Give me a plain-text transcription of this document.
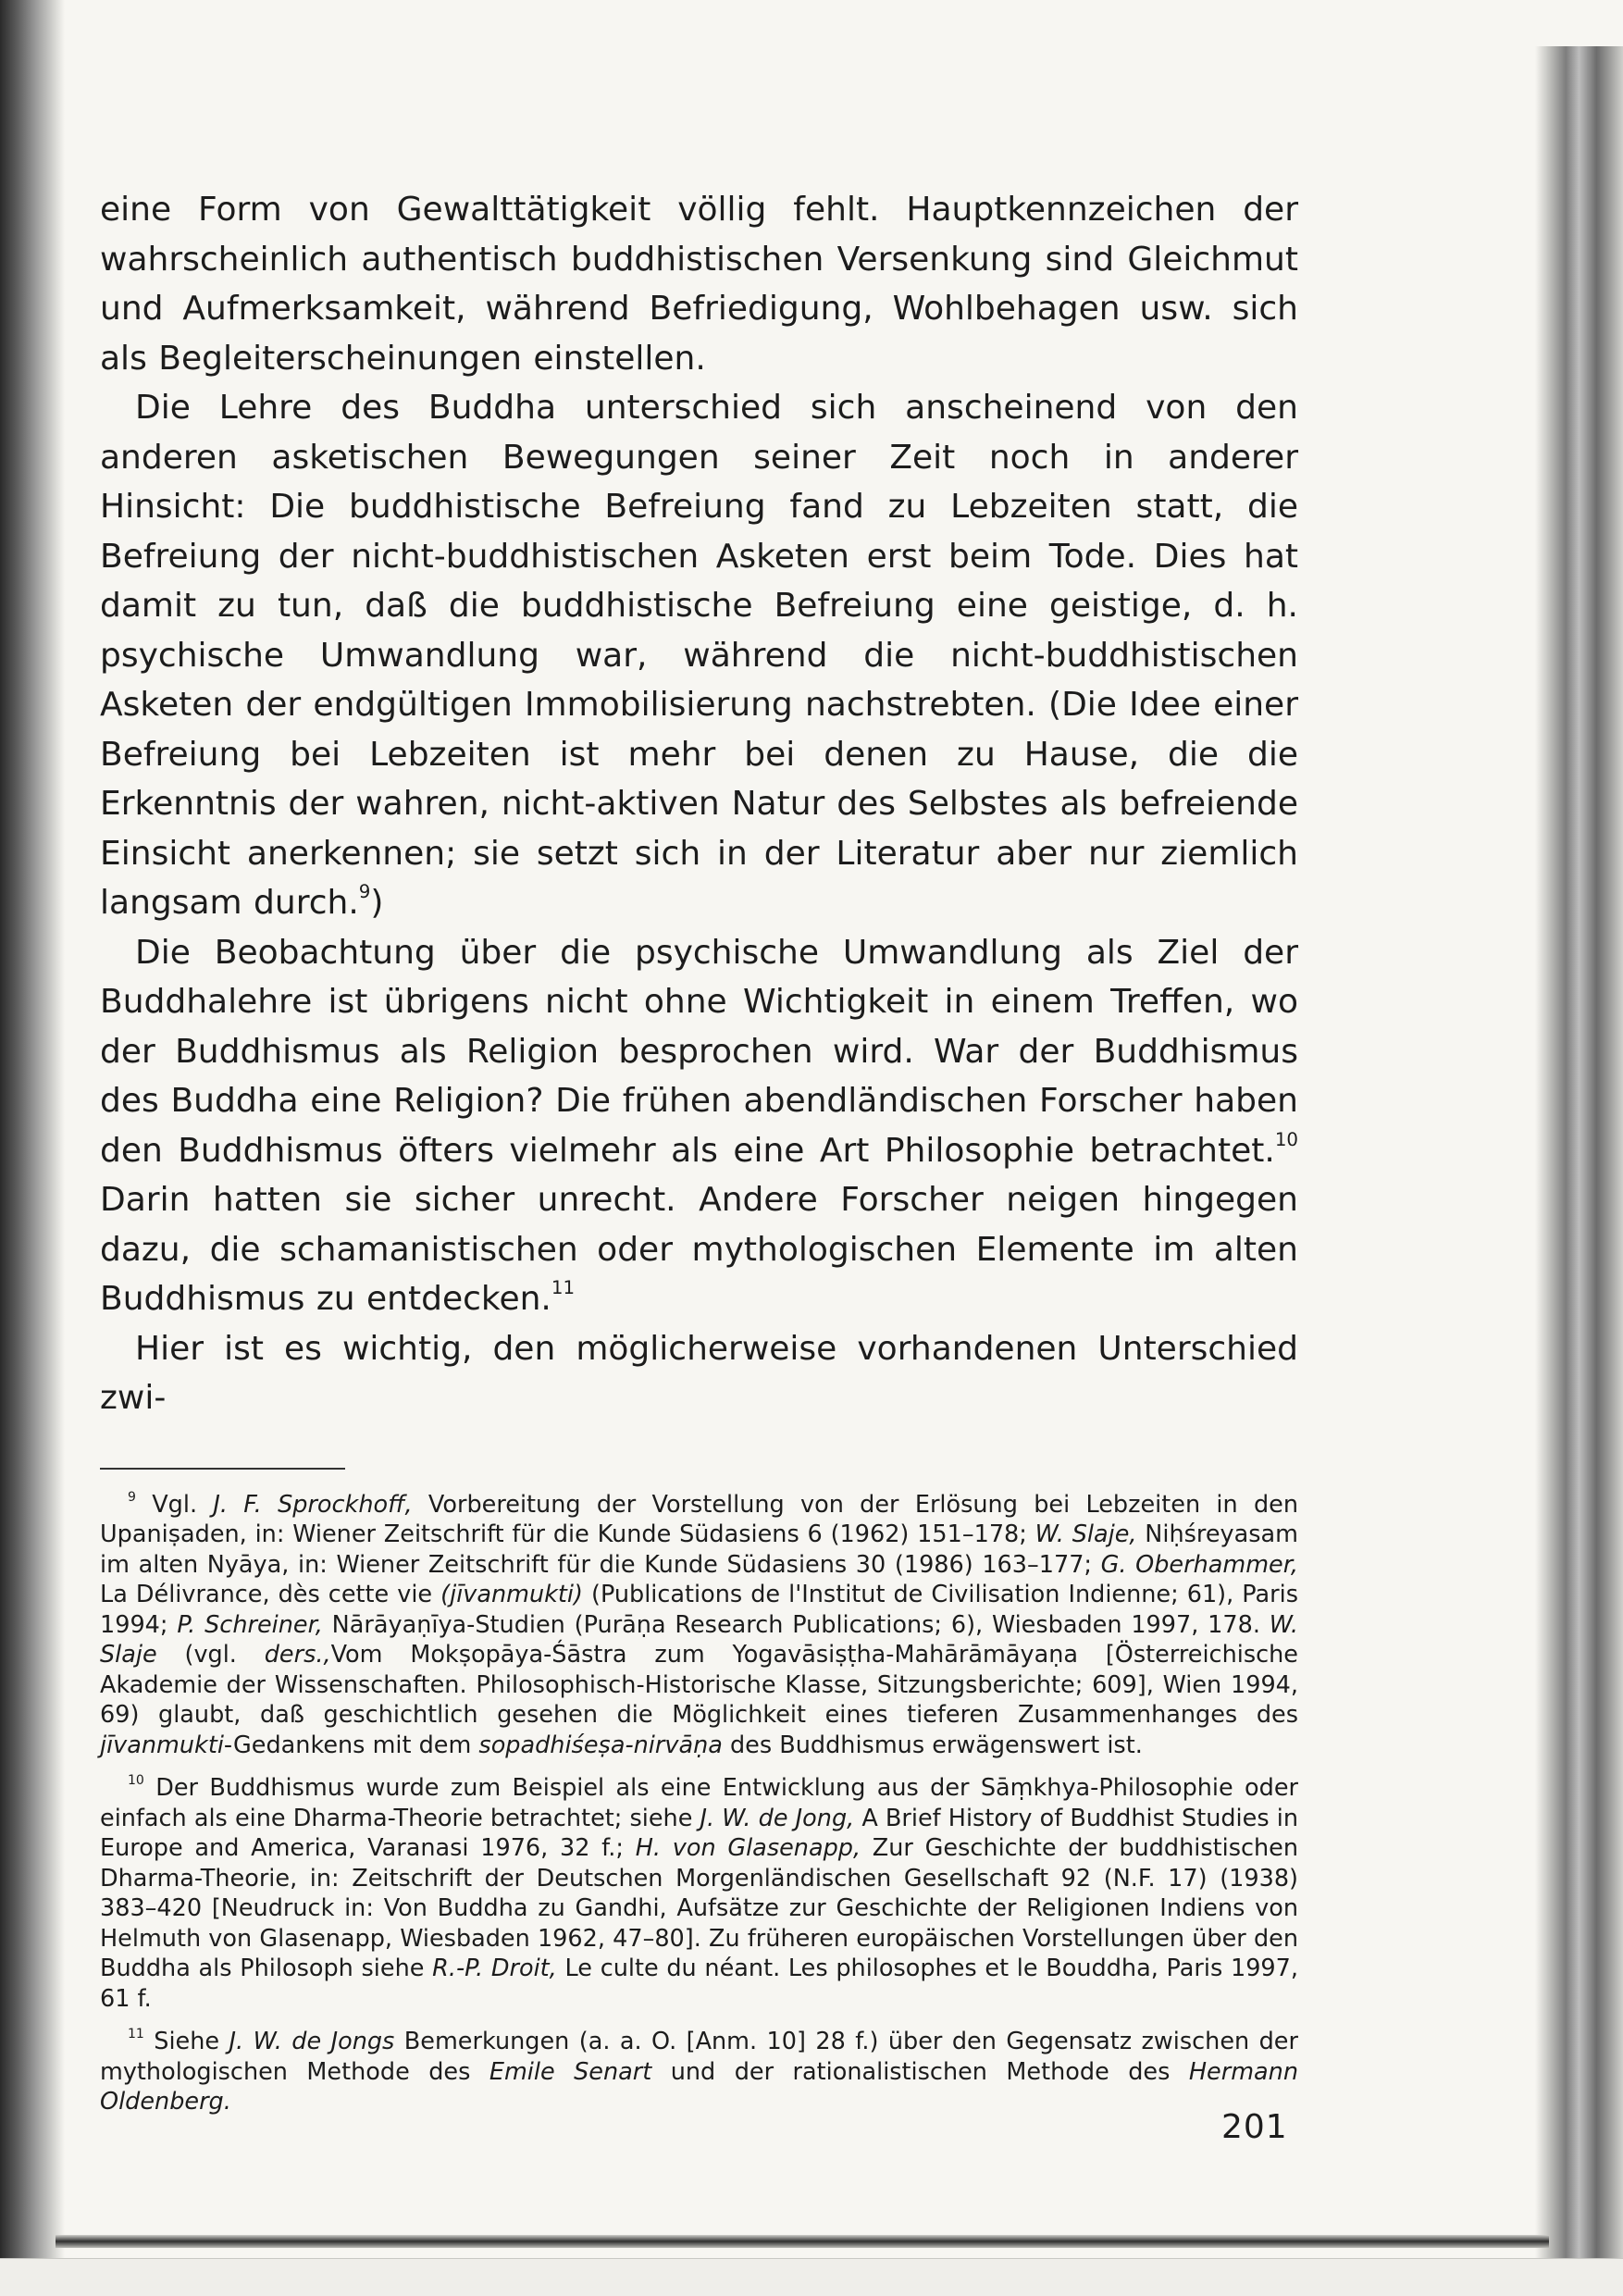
eine Form von Gewalttätigkeit völlig fehlt. Hauptkennzeichen der wahrscheinlich authentisch buddhistischen Versenkung sind Gleichmut und Aufmerksamkeit, während Befriedigung, Wohlbehagen usw. sich als Begleiterscheinungen einstellen.

Die Lehre des Buddha unterschied sich anscheinend von den anderen asketischen Bewegungen seiner Zeit noch in anderer Hinsicht: Die buddhistische Befreiung fand zu Lebzeiten statt, die Befreiung der nicht-buddhistischen Asketen erst beim Tode. Dies hat damit zu tun, daß die buddhistische Befreiung eine geistige, d. h. psychische Umwandlung war, während die nicht-buddhistischen Asketen der endgültigen Immobilisierung nachstrebten. (Die Idee einer Befreiung bei Lebzeiten ist mehr bei denen zu Hause, die die Erkenntnis der wahren, nicht-aktiven Natur des Selbstes als befreiende Einsicht anerkennen; sie setzt sich in der Literatur aber nur ziemlich langsam durch.$^9$)

Die Beobachtung über die psychische Umwandlung als Ziel der Buddhalehre ist übrigens nicht ohne Wichtigkeit in einem Treffen, wo der Buddhismus als Religion besprochen wird. War der Buddhismus des Buddha eine Religion? Die frühen abendländischen Forscher haben den Buddhismus öfters vielmehr als eine Art Philosophie betrachtet.$^{10}$ Darin hatten sie sicher unrecht. Andere Forscher neigen hingegen dazu, die schamanistischen oder mythologischen Elemente im alten Buddhismus zu entdecken.$^{11}$

Hier ist es wichtig, den möglicherweise vorhandenen Unterschied zwi-

$^9$ Vgl. J. F. Sprockhoff, Vorbereitung der Vorstellung von der Erlösung bei Lebzeiten in den Upaniṣaden, in: Wiener Zeitschrift für die Kunde Südasiens 6 (1962) 151–178; W. Slaje, Niḥśreyasam im alten Nyāya, in: Wiener Zeitschrift für die Kunde Südasiens 30 (1986) 163–177; G. Oberhammer, La Délivrance, dès cette vie (jīvanmukti) (Publications de l'Institut de Civilisation Indienne; 61), Paris 1994; P. Schreiner, Nārāyaṇīya-Studien (Purāṇa Research Publications; 6), Wiesbaden 1997, 178. W. Slaje (vgl. ders.,Vom Mokṣopāya-Śāstra zum Yogavāsiṣṭha-Mahārāmāyaṇa [Österreichische Akademie der Wissenschaften. Philosophisch-Historische Klasse, Sitzungsberichte; 609], Wien 1994, 69) glaubt, daß geschichtlich gesehen die Möglichkeit eines tieferen Zusammenhanges des jīvanmukti-Gedankens mit dem sopadhiśeṣa-nirvāṇa des Buddhismus erwägenswert ist.

$^{10}$ Der Buddhismus wurde zum Beispiel als eine Entwicklung aus der Sāṃkhya-Philosophie oder einfach als eine Dharma-Theorie betrachtet; siehe J. W. de Jong, A Brief History of Buddhist Studies in Europe and America, Varanasi 1976, 32 f.; H. von Glasenapp, Zur Geschichte der buddhistischen Dharma-Theorie, in: Zeitschrift der Deutschen Morgenländischen Gesellschaft 92 (N.F. 17) (1938) 383–420 [Neudruck in: Von Buddha zu Gandhi, Aufsätze zur Geschichte der Religionen Indiens von Helmuth von Glasenapp, Wiesbaden 1962, 47–80]. Zu früheren europäischen Vorstellungen über den Buddha als Philosoph siehe R.-P. Droit, Le culte du néant. Les philosophes et le Bouddha, Paris 1997, 61 f.

$^{11}$ Siehe J. W. de Jongs Bemerkungen (a. a. O. [Anm. 10] 28 f.) über den Gegensatz zwischen der mythologischen Methode des Emile Senart und der rationalistischen Methode des Hermann Oldenberg.

201
